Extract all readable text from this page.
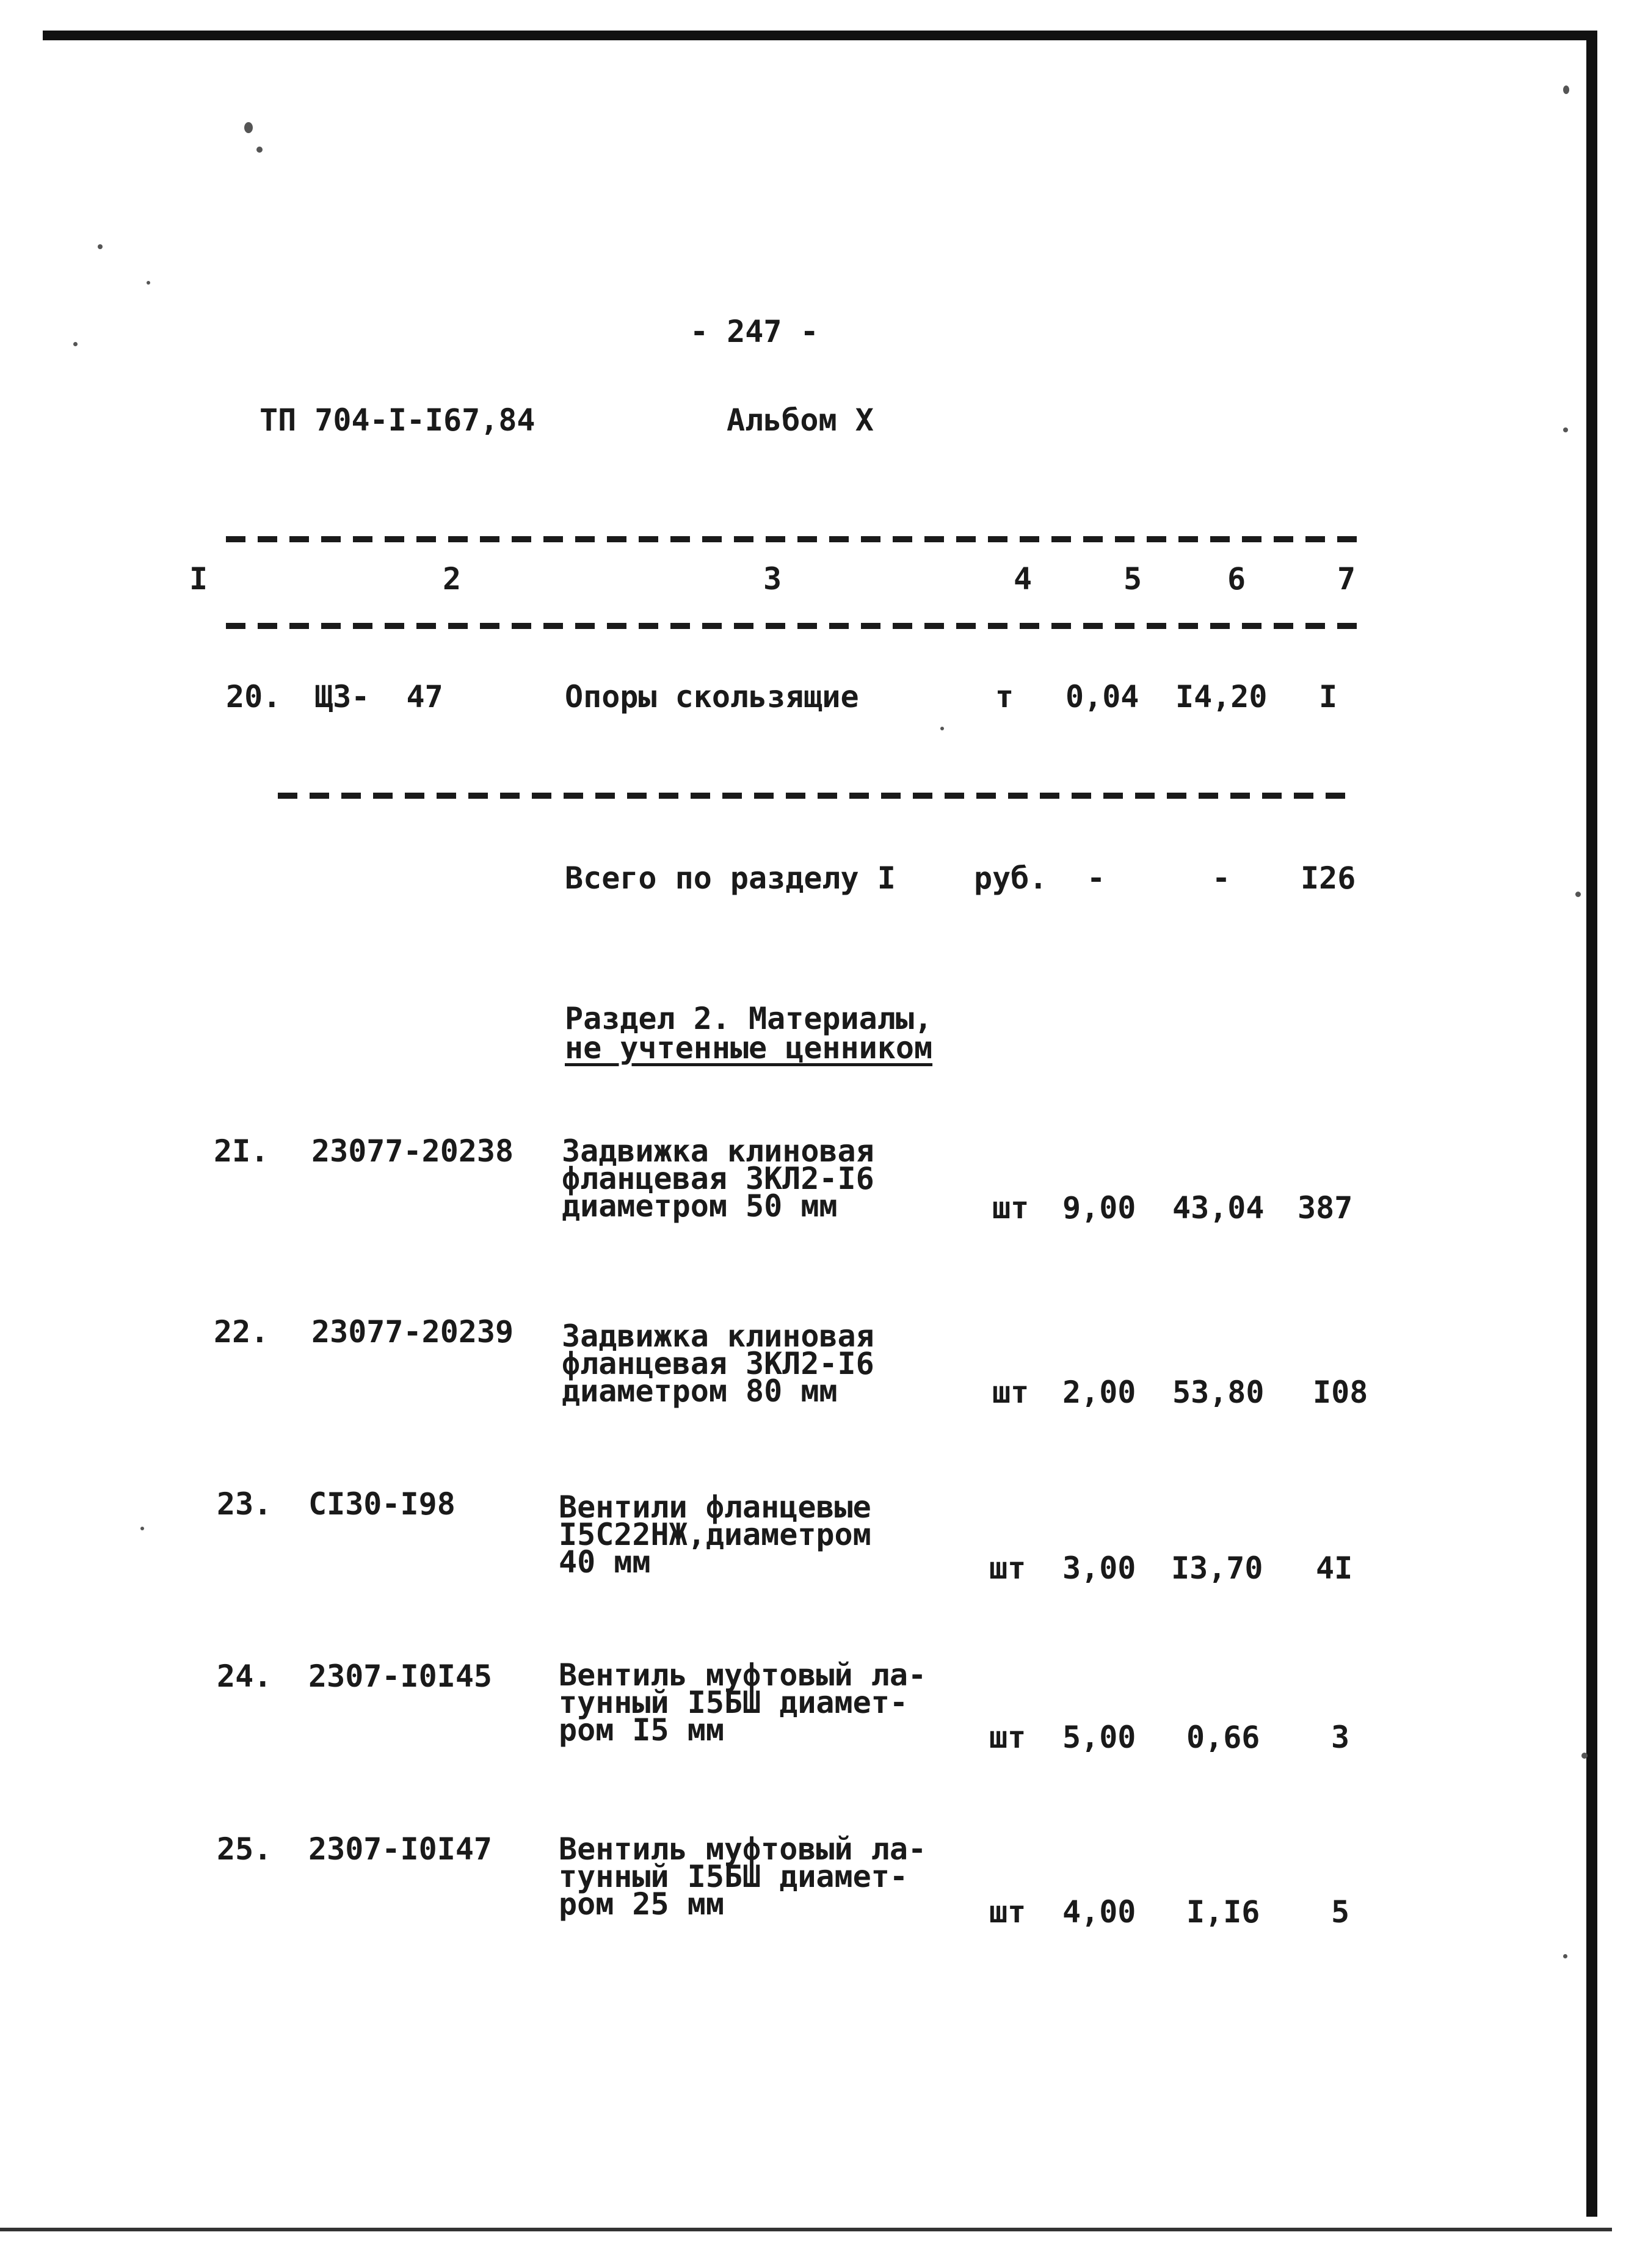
- 247 -
ТП 704-I-I67,84	Альбом X
I	2	3	4	5	6	7
20. ЩЗ-  47	Опоры скользящие	т 0,04 I4,20 I
Всего по разделу I	руб. -	- I26
Раздел 2. Материалы,
не учтенные ценником
2I. 23077-20238 Задвижка клиновая
фланцевая ЗКЛ2-I6
диаметром 50 мм	шт 9,00 43,04 387
22. 23077-20239 Задвижка клиновая
фланцевая ЗКЛ2-I6
диаметром 80 мм	шт 2,00 53,80 I08
23. CI30-I98	Вентили фланцевые
I5С22НЖ,диаметром
40 мм	шт 3,00 I3,70 4I
24. 2307-I0I45 Вентиль муфтовый ла-
тунный I5БШ диамет-
ром I5 мм	шт 5,00 0,66 3
25. 2307-I0I47 Вентиль муфтовый ла-
тунный I5БШ диамет-
ром 25 мм	шт 4,00 I,I6 5
